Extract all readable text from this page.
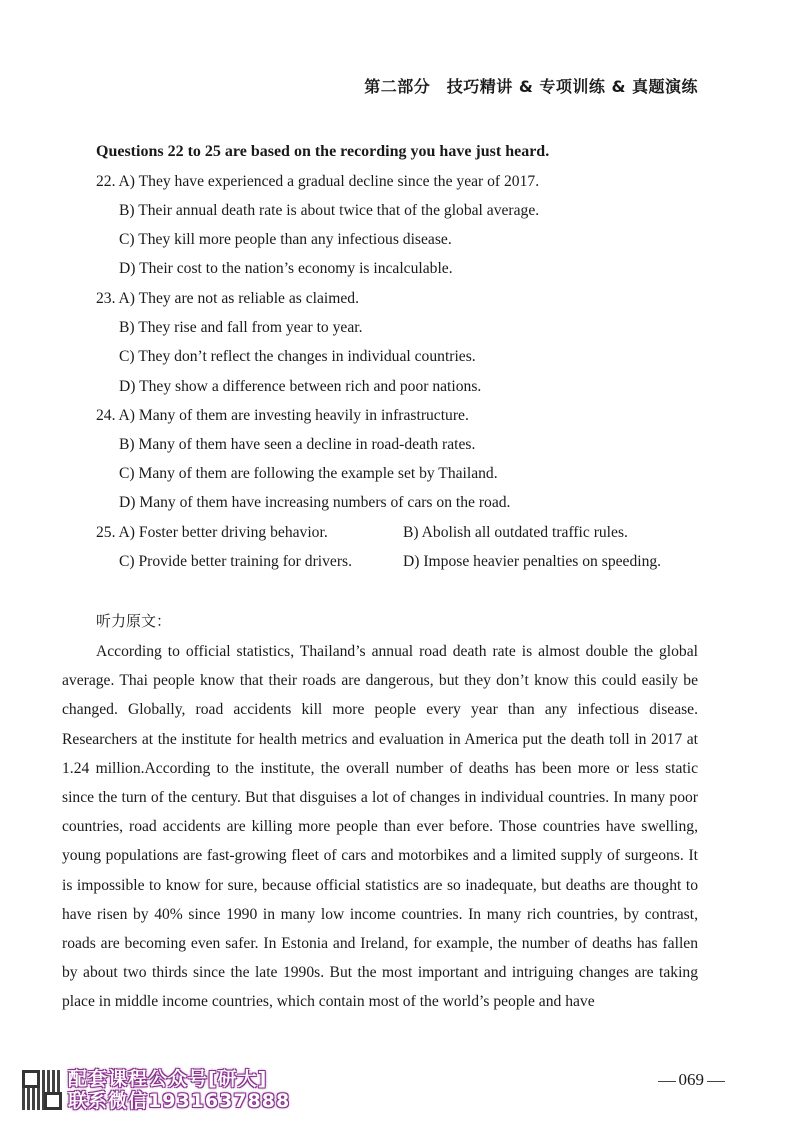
第二部分　技巧精讲 & 专项训练 & 真题演练
Questions 22 to 25 are based on the recording you have just heard.
22. A) They have experienced a gradual decline since the year of 2017.
B) Their annual death rate is about twice that of the global average.
C) They kill more people than any infectious disease.
D) Their cost to the nation’s economy is incalculable.
23. A) They are not as reliable as claimed.
B) They rise and fall from year to year.
C) They don’t reflect the changes in individual countries.
D) They show a difference between rich and poor nations.
24. A) Many of them are investing heavily in infrastructure.
B) Many of them have seen a decline in road-death rates.
C) Many of them are following the example set by Thailand.
D) Many of them have increasing numbers of cars on the road.
25. A) Foster better driving behavior.	B) Abolish all outdated traffic rules.
C) Provide better training for drivers.	D) Impose heavier penalties on speeding.
听力原文：

According to official statistics, Thailand’s annual road death rate is almost double the global average. Thai people know that their roads are dangerous, but they don’t know this could easily be changed. Globally, road accidents kill more people every year than any infectious disease. Researchers at the institute for health metrics and evaluation in America put the death toll in 2017 at 1.24 million.According to the institute, the overall number of deaths has been more or less static since the turn of the century. But that disguises a lot of changes in individual countries. In many poor countries, road accidents are killing more people than ever before. Those countries have swelling, young populations are fast-growing fleet of cars and motorbikes and a limited supply of surgeons. It is impossible to know for sure, because official statistics are so inadequate, but deaths are thought to have risen by 40% since 1990 in many low income countries. In many rich countries, by contrast, roads are becoming even safer. In Estonia and Ireland, for example, the number of deaths has fallen by about two thirds since the late 1990s. But the most important and intriguing changes are taking place in middle income countries, which contain most of the world’s people and have

配套课程公众号[研大]
联系微信1931637888
069
